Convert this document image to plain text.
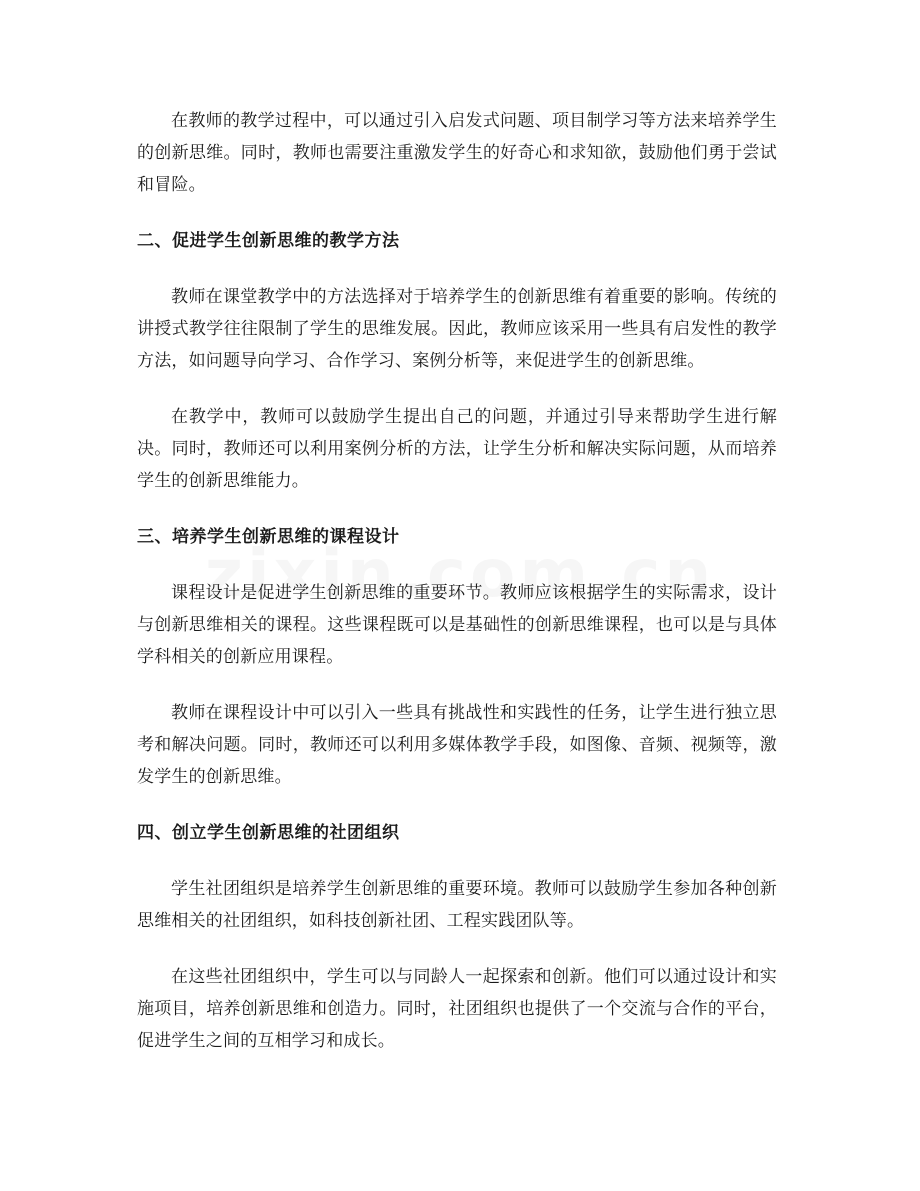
在教师的教学过程中，可以通过引入启发式问题、项目制学习等方法来培养学生的创新思维。同时，教师也需要注重激发学生的好奇心和求知欲，鼓励他们勇于尝试和冒险。

二、促进学生创新思维的教学方法

教师在课堂教学中的方法选择对于培养学生的创新思维有着重要的影响。传统的讲授式教学往往限制了学生的思维发展。因此，教师应该采用一些具有启发性的教学方法，如问题导向学习、合作学习、案例分析等，来促进学生的创新思维。

在教学中，教师可以鼓励学生提出自己的问题，并通过引导来帮助学生进行解决。同时，教师还可以利用案例分析的方法，让学生分析和解决实际问题，从而培养学生的创新思维能力。

三、培养学生创新思维的课程设计

课程设计是促进学生创新思维的重要环节。教师应该根据学生的实际需求，设计与创新思维相关的课程。这些课程既可以是基础性的创新思维课程，也可以是与具体学科相关的创新应用课程。

教师在课程设计中可以引入一些具有挑战性和实践性的任务，让学生进行独立思考和解决问题。同时，教师还可以利用多媒体教学手段，如图像、音频、视频等，激发学生的创新思维。

四、创立学生创新思维的社团组织

学生社团组织是培养学生创新思维的重要环境。教师可以鼓励学生参加各种创新思维相关的社团组织，如科技创新社团、工程实践团队等。

在这些社团组织中，学生可以与同龄人一起探索和创新。他们可以通过设计和实施项目，培养创新思维和创造力。同时，社团组织也提供了一个交流与合作的平台，促进学生之间的互相学习和成长。
